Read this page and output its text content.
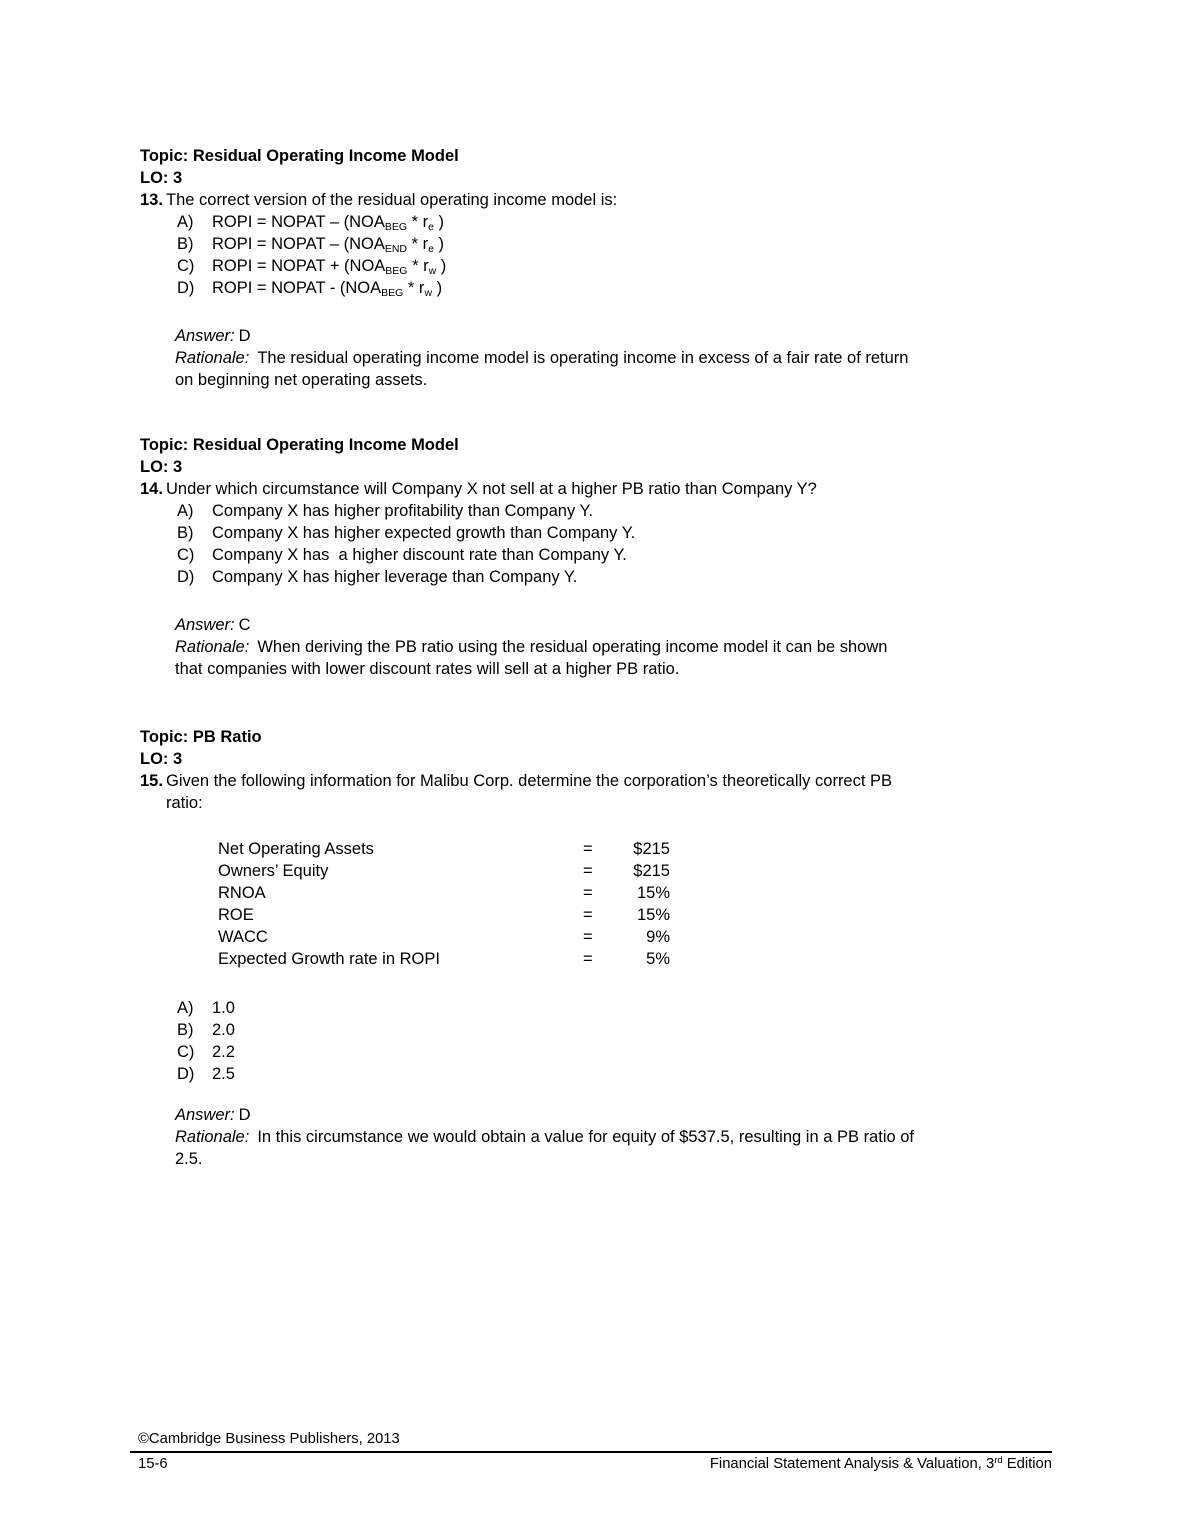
Topic: Residual Operating Income Model
LO: 3
13. The correct version of the residual operating income model is:
A) ROPI = NOPAT – (NOABEG * re )
B) ROPI = NOPAT – (NOAEND * re )
C) ROPI = NOPAT + (NOABEG * rw )
D) ROPI = NOPAT - (NOABEG * rw )
Answer: D
Rationale: The residual operating income model is operating income in excess of a fair rate of return
on beginning net operating assets.
Topic: Residual Operating Income Model
LO: 3
14. Under which circumstance will Company X not sell at a higher PB ratio than Company Y?
A) Company X has higher profitability than Company Y.
B) Company X has higher expected growth than Company Y.
C) Company X has  a higher discount rate than Company Y.
D) Company X has higher leverage than Company Y.
Answer: C
Rationale: When deriving the PB ratio using the residual operating income model it can be shown
that companies with lower discount rates will sell at a higher PB ratio.
Topic: PB Ratio
LO: 3
15. Given the following information for Malibu Corp. determine the corporation’s theoretically correct PB
ratio:
Net Operating Assets	=	$215
Owners’ Equity	=	$215
RNOA	=	15%
ROE	=	15%
WACC	=	9%
Expected Growth rate in ROPI	=	5%
A) 1.0
B) 2.0
C) 2.2
D) 2.5
Answer: D
Rationale: In this circumstance we would obtain a value for equity of $537.5, resulting in a PB ratio of
2.5.
©Cambridge Business Publishers, 2013
15-6	Financial Statement Analysis & Valuation, 3rd Edition
